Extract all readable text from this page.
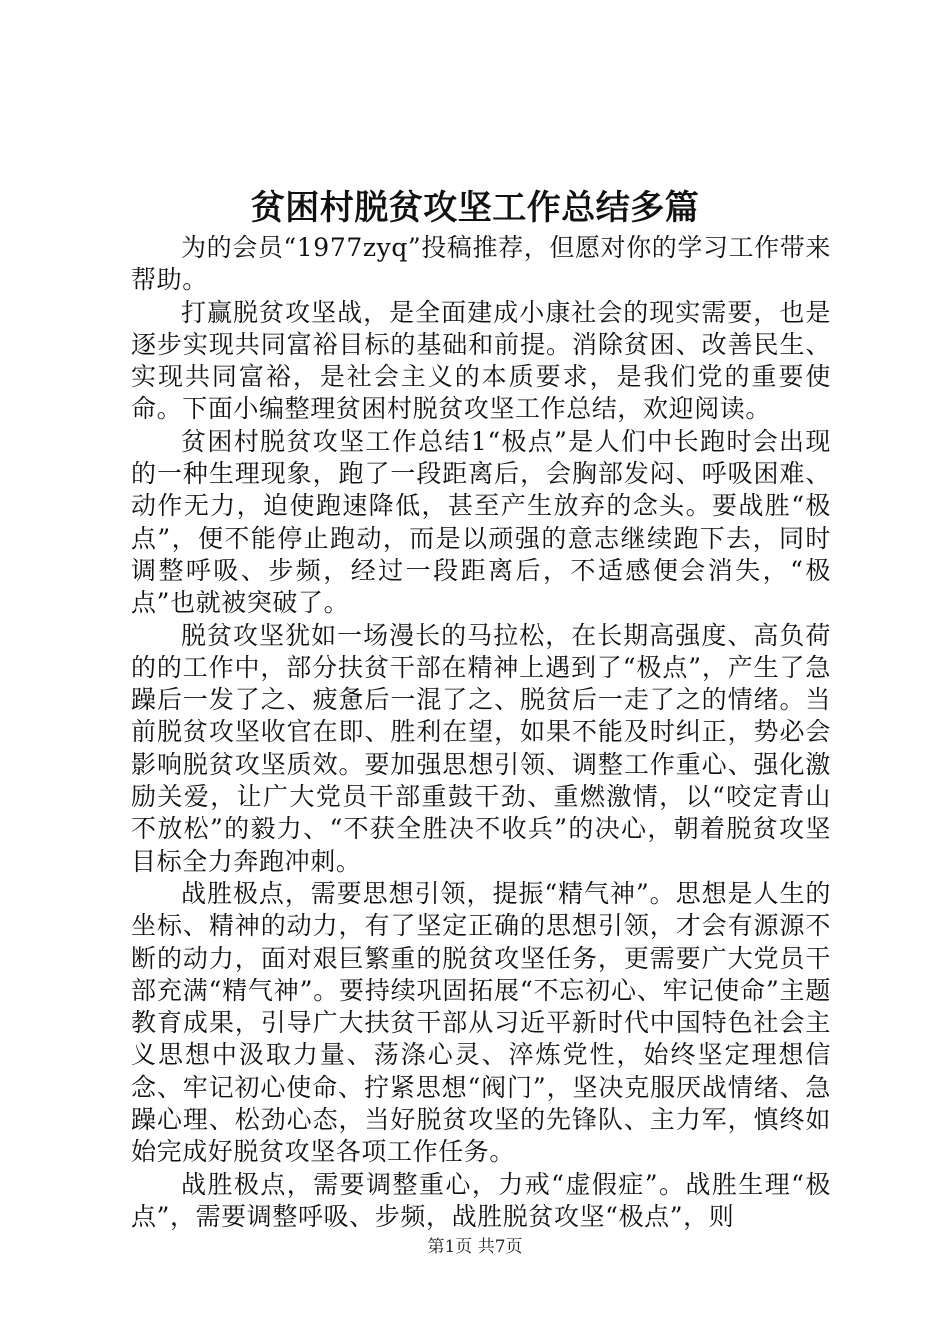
贫困村脱贫攻坚工作总结多篇

为的会员“1977zyq”投稿推荐，但愿对你的学习工作带来帮助。

打赢脱贫攻坚战，是全面建成小康社会的现实需要，也是逐步实现共同富裕目标的基础和前提。消除贫困、改善民生、实现共同富裕，是社会主义的本质要求，是我们党的重要使命。下面小编整理贫困村脱贫攻坚工作总结，欢迎阅读。

贫困村脱贫攻坚工作总结1“极点”是人们中长跑时会出现的一种生理现象，跑了一段距离后，会胸部发闷、呼吸困难、动作无力，迫使跑速降低，甚至产生放弃的念头。要战胜“极点”，便不能停止跑动，而是以顽强的意志继续跑下去，同时调整呼吸、步频，经过一段距离后，不适感便会消失，“极点”也就被突破了。

脱贫攻坚犹如一场漫长的马拉松，在长期高强度、高负荷的的工作中，部分扶贫干部在精神上遇到了“极点”，产生了急躁后一发了之、疲惫后一混了之、脱贫后一走了之的情绪。当前脱贫攻坚收官在即、胜利在望，如果不能及时纠正，势必会影响脱贫攻坚质效。要加强思想引领、调整工作重心、强化激励关爱，让广大党员干部重鼓干劲、重燃激情，以“咬定青山不放松”的毅力、“不获全胜决不收兵”的决心，朝着脱贫攻坚目标全力奔跑冲刺。

战胜极点，需要思想引领，提振“精气神”。思想是人生的坐标、精神的动力，有了坚定正确的思想引领，才会有源源不断的动力，面对艰巨繁重的脱贫攻坚任务，更需要广大党员干部充满“精气神”。要持续巩固拓展“不忘初心、牢记使命”主题教育成果，引导广大扶贫干部从习近平新时代中国特色社会主义思想中汲取力量、荡涤心灵、淬炼党性，始终坚定理想信念、牢记初心使命、拧紧思想“阀门”，坚决克服厌战情绪、急躁心理、松劲心态，当好脱贫攻坚的先锋队、主力军，慎终如始完成好脱贫攻坚各项工作任务。

战胜极点，需要调整重心，力戒“虚假症”。战胜生理“极点”，需要调整呼吸、步频，战胜脱贫攻坚“极点”，则

第1页 共7页
